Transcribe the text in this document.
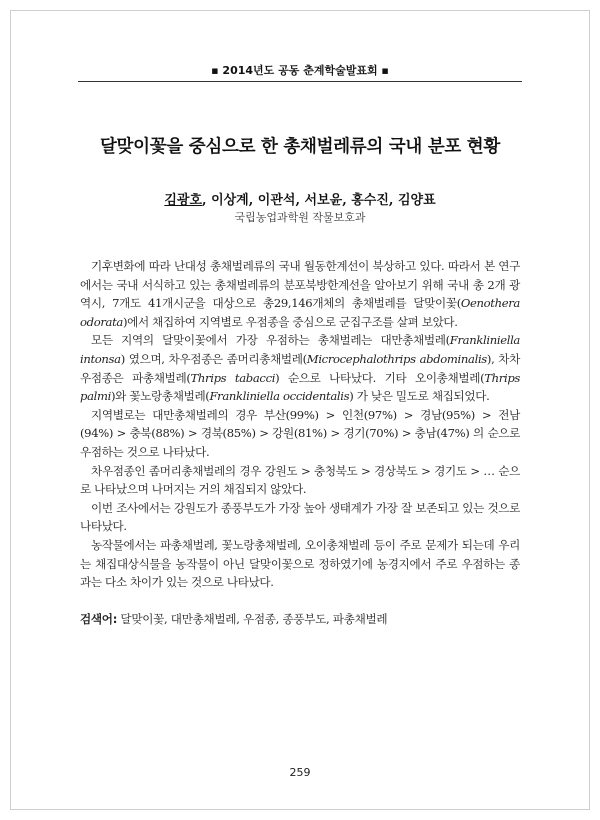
▪ 2014년도 공동 춘계학술발표회 ▪
달맞이꽃을 중심으로 한 총채벌레류의 국내 분포 현황
김광호, 이상계, 이관석, 서보윤, 홍수진, 김양표
국립농업과학원 작물보호과

기후변화에 따라 난대성 총채벌레류의 국내 월동한계선이 북상하고 있다. 따라서 본 연구에서는 국내 서식하고 있는 총채벌레류의 분포북방한계선을 알아보기 위해 국내 총 2개 광역시, 7개도 41개시군을 대상으로 총29,146개체의 총채벌레를 달맞이꽃(Oenothera odorata)에서 채집하여 지역별로 우점종을 중심으로 군집구조를 살펴 보았다.

모든 지역의 달맞이꽃에서 가장 우점하는 총채벌레는 대만총채벌레(Frankliniella intonsa) 였으며, 차우점종은 좀머리총채벌레(Microcephalothrips abdominalis), 차차우점종은 파총채벌레(Thrips tabacci) 순으로 나타났다. 기타 오이총채벌레(Thrips palmi)와 꽃노랑총채벌레(Frankliniella occidentalis) 가 낮은 밀도로 채집되었다.

지역별로는 대만총채벌레의 경우 부산(99%) > 인천(97%) > 경남(95%) > 전남(94%) > 충북(88%) > 경북(85%) > 강원(81%) > 경기(70%) > 충남(47%) 의 순으로 우점하는 것으로 나타났다.

차우점종인 좀머리총채벌레의 경우 강원도 > 충청북도 > 경상북도 > 경기도 > … 순으로 나타났으며 나머지는 거의 채집되지 않았다.

이번 조사에서는 강원도가 종풍부도가 가장 높아 생태계가 가장 잘 보존되고 있는 것으로 나타났다.

농작물에서는 파총채벌레, 꽃노랑총채벌레, 오이총채벌레 등이 주로 문제가 되는데 우리는 채집대상식물을 농작물이 아닌 달맞이꽃으로 정하였기에 농경지에서 주로 우점하는 종과는 다소 차이가 있는 것으로 나타났다.

검색어: 달맞이꽃, 대만총채벌레, 우점종, 종풍부도, 파총채벌레
259
